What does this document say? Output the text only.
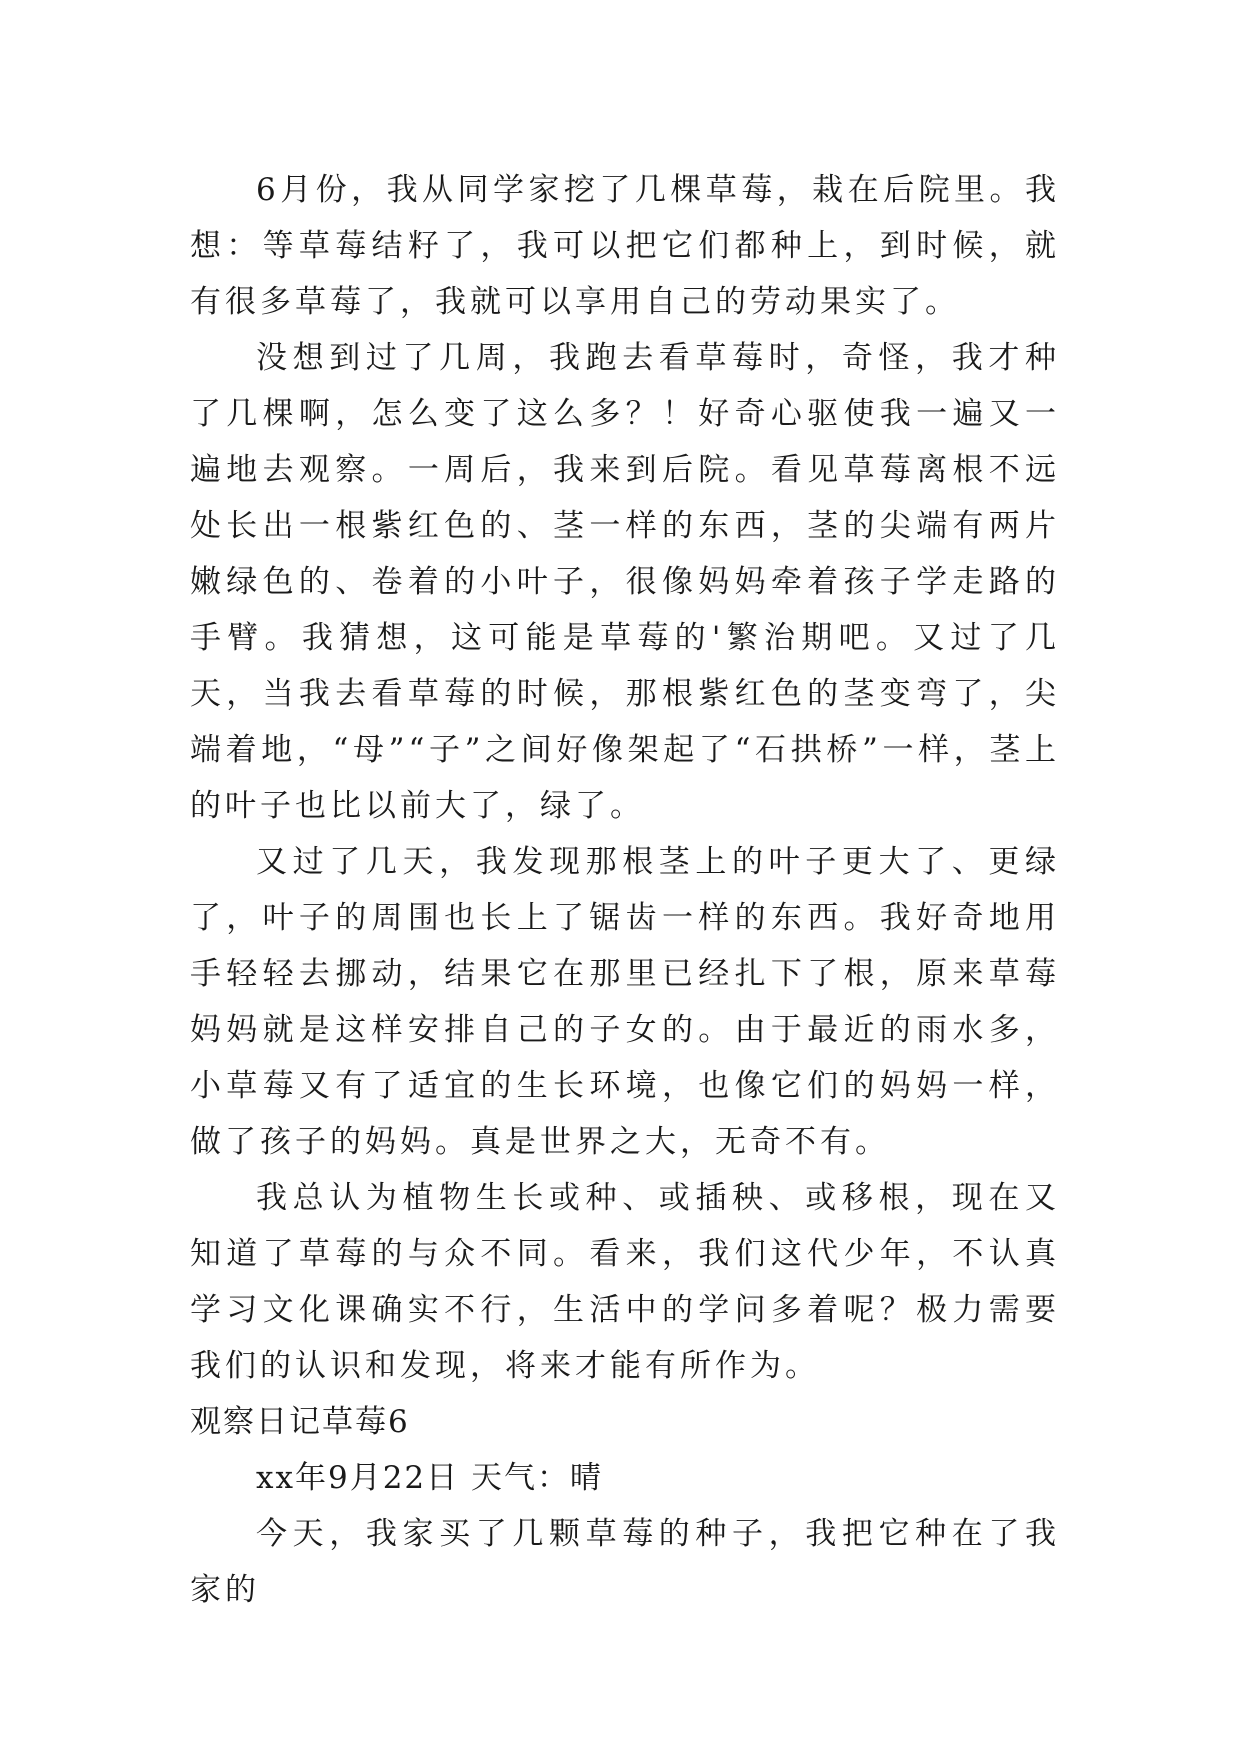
6月份，我从同学家挖了几棵草莓，栽在后院里。我想：等草莓结籽了，我可以把它们都种上，到时候，就有很多草莓了，我就可以享用自己的劳动果实了。

没想到过了几周，我跑去看草莓时，奇怪，我才种了几棵啊，怎么变了这么多？！好奇心驱使我一遍又一遍地去观察。一周后，我来到后院。看见草莓离根不远处长出一根紫红色的、茎一样的东西，茎的尖端有两片嫩绿色的、卷着的小叶子，很像妈妈牵着孩子学走路的手臂。我猜想，这可能是草莓的'繁治期吧。又过了几天，当我去看草莓的时候，那根紫红色的茎变弯了，尖端着地，“母”“子”之间好像架起了“石拱桥”一样，茎上的叶子也比以前大了，绿了。

又过了几天，我发现那根茎上的叶子更大了、更绿了，叶子的周围也长上了锯齿一样的东西。我好奇地用手轻轻去挪动，结果它在那里已经扎下了根，原来草莓妈妈就是这样安排自己的子女的。由于最近的雨水多，小草莓又有了适宜的生长环境，也像它们的妈妈一样，做了孩子的妈妈。真是世界之大，无奇不有。

我总认为植物生长或种、或插秧、或移根，现在又知道了草莓的与众不同。看来，我们这代少年，不认真学习文化课确实不行，生活中的学问多着呢？极力需要我们的认识和发现，将来才能有所作为。

观察日记草莓6

xx年9月22日 天气：晴

今天，我家买了几颗草莓的种子，我把它种在了我家的
